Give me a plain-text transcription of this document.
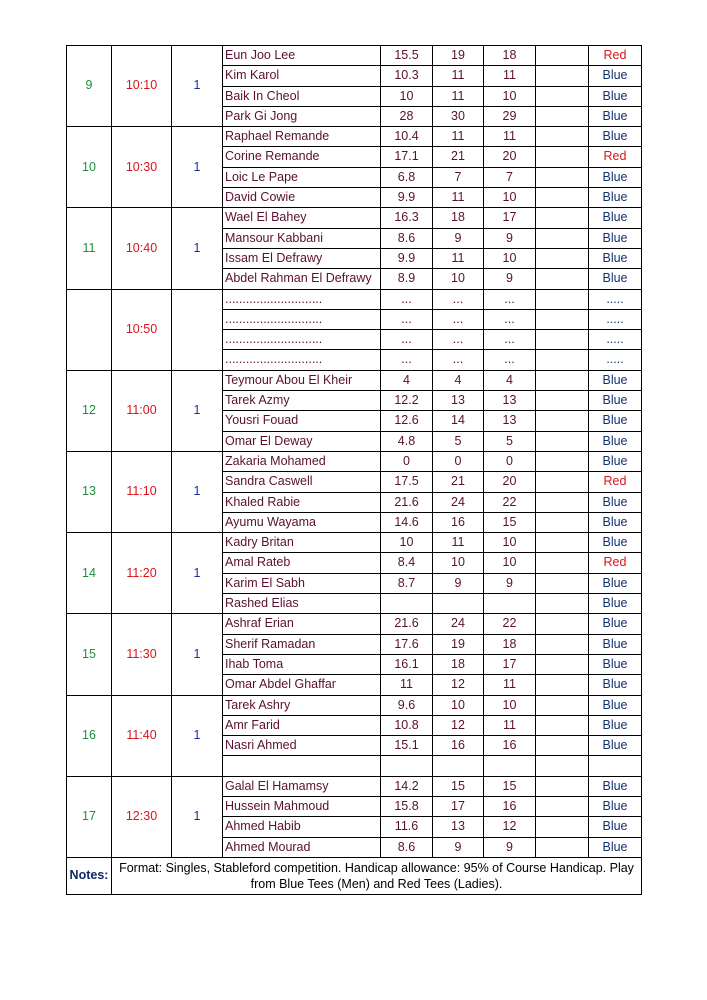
9	10:10	1	Eun Joo Lee	15.5	19	18		Red
			Kim Karol	10.3	11	11		Blue
			Baik In Cheol	10	11	10		Blue
			Park Gi Jong	28	30	29		Blue
10	10:30	1	Raphael Remande	10.4	11	11		Blue
			Corine Remande	17.1	21	20		Red
			Loic Le Pape	6.8	7	7		Blue
			David Cowie	9.9	11	10		Blue
11	10:40	1	Wael El Bahey	16.3	18	17		Blue
			Mansour Kabbani	8.6	9	9		Blue
			Issam El Defrawy	9.9	11	10		Blue
			Abdel Rahman El Defrawy	8.9	10	9		Blue
	10:50		............................	...	...	...		.....
			............................	...	...	...		.....
			............................	...	...	...		.....
			............................	...	...	...		.....
12	11:00	1	Teymour Abou El Kheir	4	4	4		Blue
			Tarek Azmy	12.2	13	13		Blue
			Yousri Fouad	12.6	14	13		Blue
			Omar El Deway	4.8	5	5		Blue
13	11:10	1	Zakaria Mohamed	0	0	0		Blue
			Sandra Caswell	17.5	21	20		Red
			Khaled Rabie	21.6	24	22		Blue
			Ayumu Wayama	14.6	16	15		Blue
14	11:20	1	Kadry Britan	10	11	10		Blue
			Amal Rateb	8.4	10	10		Red
			Karim El Sabh	8.7	9	9		Blue
			Rashed Elias					Blue
15	11:30	1	Ashraf Erian	21.6	24	22		Blue
			Sherif Ramadan	17.6	19	18		Blue
			Ihab Toma	16.1	18	17		Blue
			Omar Abdel Ghaffar	11	12	11		Blue
16	11:40	1	Tarek Ashry	9.6	10	10		Blue
			Amr Farid	10.8	12	11		Blue
			Nasri Ahmed	15.1	16	16		Blue

17	12:30	1	Galal El Hamamsy	14.2	15	15		Blue
			Hussein Mahmoud	15.8	17	16		Blue
			Ahmed Habib	11.6	13	12		Blue
			Ahmed Mourad	8.6	9	9		Blue
Notes:	Format: Singles, Stableford competition. Handicap allowance: 95% of Course Handicap. Play from Blue Tees (Men) and Red Tees (Ladies).							
